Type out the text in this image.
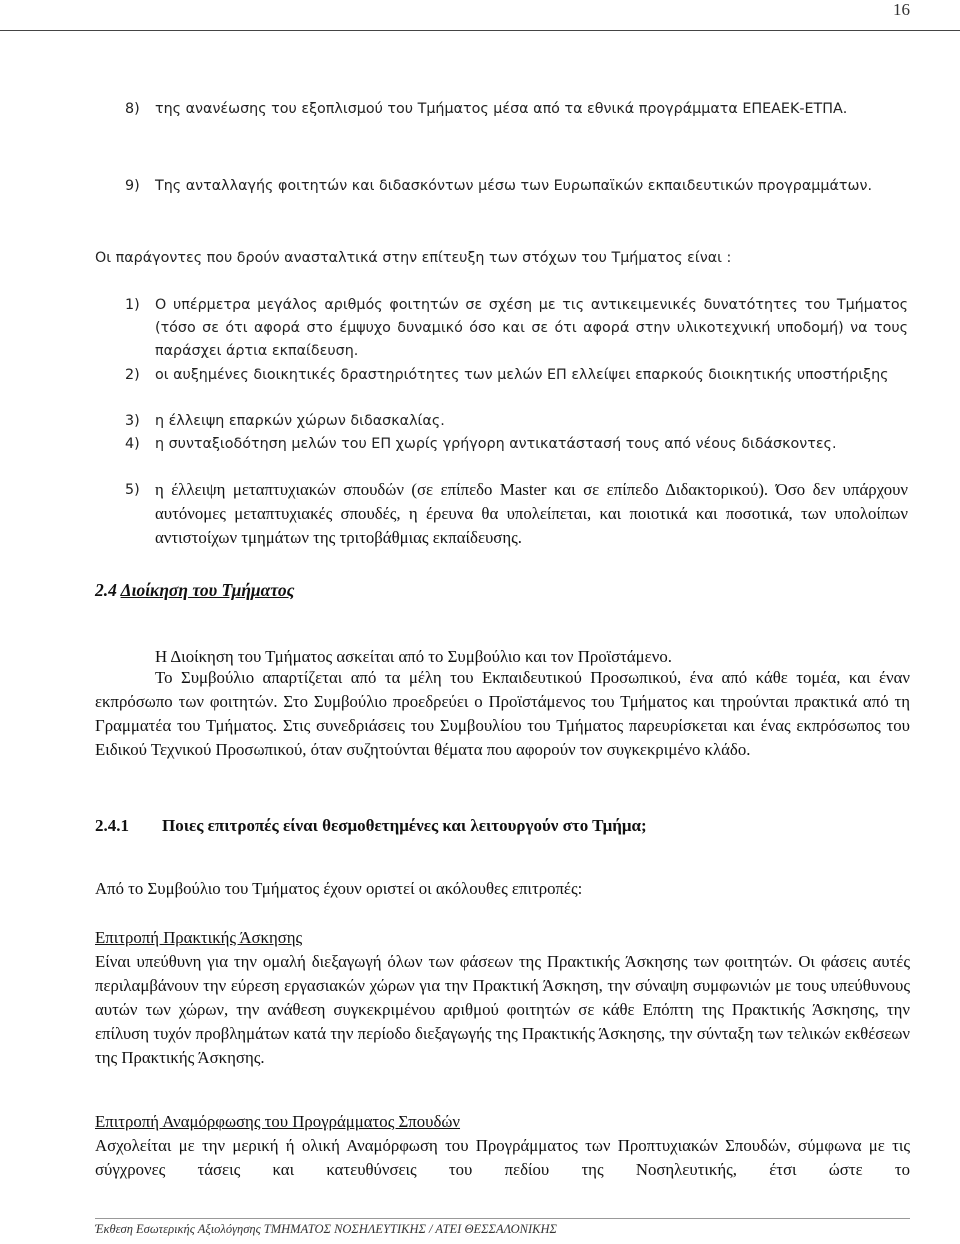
16
8) της ανανέωσης του εξοπλισμού του Τμήματος μέσα από τα εθνικά προγράμματα ΕΠΕΑΕΚ-ΕΤΠΑ.
9) Της ανταλλαγής φοιτητών και διδασκόντων μέσω των Ευρωπαϊκών εκπαιδευτικών προγραμμάτων.

Οι παράγοντες που δρούν ανασταλτικά στην επίτευξη των στόχων του Τμήματος είναι :

1) Ο υπέρμετρα μεγάλος αριθμός φοιτητών σε σχέση με τις αντικειμενικές δυνατότητες του Τμήματος (τόσο σε ότι αφορά στο έμψυχο δυναμικό όσο και σε ότι αφορά στην υλικοτεχνική υποδομή) να τους παράσχει άρτια εκπαίδευση.
2) οι αυξημένες διοικητικές δραστηριότητες των μελών ΕΠ ελλείψει επαρκούς διοικητικής υποστήριξης
3) η έλλειψη επαρκών χώρων διδασκαλίας.
4) η συνταξιοδότηση μελών του ΕΠ χωρίς γρήγορη αντικατάστασή τους από νέους διδάσκοντες.
5) η έλλειψη μεταπτυχιακών σπουδών (σε επίπεδο Master και σε επίπεδο Διδακτορικού). Όσο δεν υπάρχουν αυτόνομες μεταπτυχιακές σπουδές, η έρευνα θα υπολείπεται, και ποιοτικά και ποσοτικά, των υπολοίπων αντιστοίχων τμημάτων της τριτοβάθμιας εκπαίδευσης.
2.4 Διοίκηση του Τμήματος

Η Διοίκηση του Τμήματος ασκείται από το Συμβούλιο και τον Προϊστάμενο.

Το Συμβούλιο απαρτίζεται από τα μέλη του Εκπαιδευτικού Προσωπικού, ένα από κάθε τομέα, και έναν εκπρόσωπο των φοιτητών. Στο Συμβούλιο προεδρεύει ο Προϊστάμενος του Τμήματος και τηρούνται πρακτικά από τη Γραμματέα του Τμήματος. Στις συνεδριάσεις του Συμβουλίου του Τμήματος παρευρίσκεται και ένας εκπρόσωπος του Ειδικού Τεχνικού Προσωπικού, όταν συζητούνται θέματα που αφορούν τον συγκεκριμένο κλάδο.

2.4.1 Ποιες επιτροπές είναι θεσμοθετημένες και λειτουργούν στο Τμήμα;

Από το Συμβούλιο του Τμήματος έχουν οριστεί οι ακόλουθες επιτροπές:

Επιτροπή Πρακτικής Άσκησης

Είναι υπεύθυνη για την ομαλή διεξαγωγή όλων των φάσεων της Πρακτικής Άσκησης των φοιτητών. Οι φάσεις αυτές περιλαμβάνουν την εύρεση εργασιακών χώρων για την Πρακτική Άσκηση, την σύναψη συμφωνιών με τους υπεύθυνους αυτών των χώρων, την ανάθεση συγκεκριμένου αριθμού φοιτητών σε κάθε Επόπτη της Πρακτικής Άσκησης, την επίλυση τυχόν προβλημάτων κατά την περίοδο διεξαγωγής της Πρακτικής Άσκησης, την σύνταξη των τελικών εκθέσεων της Πρακτικής Άσκησης.

Επιτροπή Αναμόρφωσης του Προγράμματος Σπουδών

Ασχολείται με την μερική ή ολική Αναμόρφωση του Προγράμματος των Προπτυχιακών Σπουδών, σύμφωνα με τις σύγχρονες τάσεις και κατευθύνσεις του πεδίου της Νοσηλευτικής, έτσι ώστε το

Έκθεση Εσωτερικής Αξιολόγησης ΤΜΗΜΑΤΟΣ ΝΟΣΗΛΕΥΤΙΚΗΣ / ΑΤΕΙ ΘΕΣΣΑΛΟΝΙΚΗΣ
